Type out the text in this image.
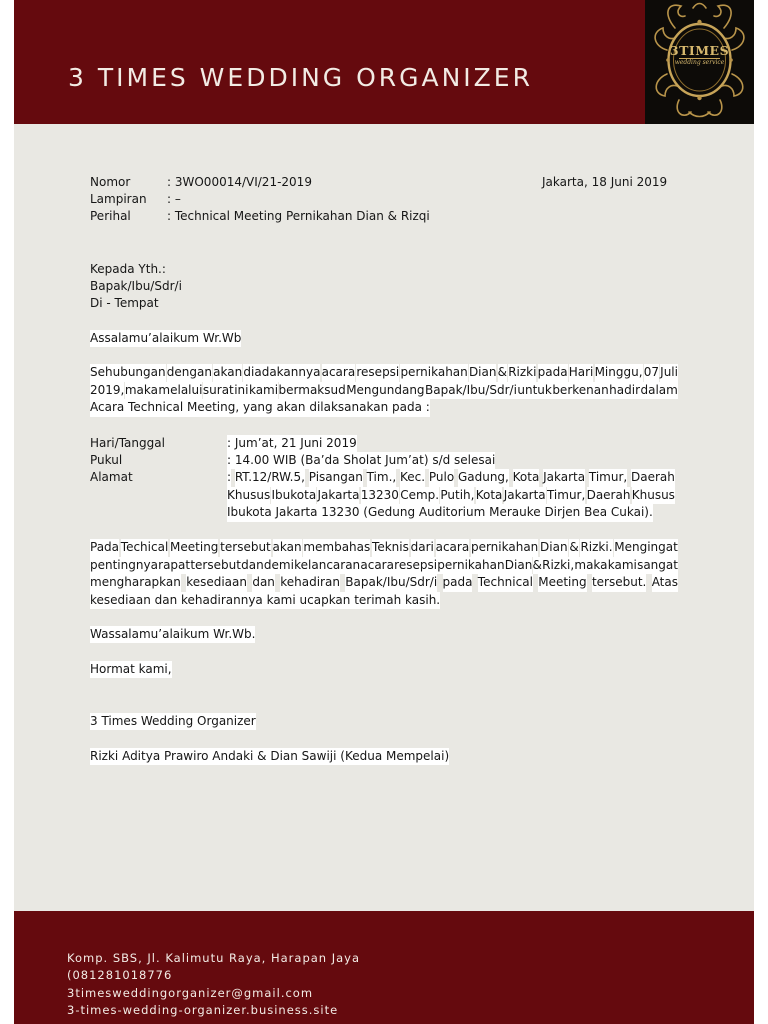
3 TIMES WEDDING ORGANIZER
3TIMES
wedding service
Nomor	: 3WO00014/VI/21-2019
Lampiran : –
Perihal	: Technical Meeting Pernikahan Dian & Rizqi
Jakarta, 18 Juni 2019
Kepada Yth.:
Bapak/Ibu/Sdr/i
Di - Tempat
Assalamu’alaikum Wr.Wb
Sehubungan dengan akan diadakannya acara resepsi pernikahan Dian & Rizki pada Hari Minggu, 07 Juli
2019, maka melalui surat ini kami bermaksud Mengundang Bapak/Ibu/Sdr/i untuk berkenan hadir dalam
Acara Technical Meeting, yang akan dilaksanakan pada :
Hari/Tanggal	: Jum’at, 21 Juni 2019
Pukul	: 14.00 WIB (Ba’da Sholat Jum’at) s/d selesai
Alamat	: RT.12/RW.5, Pisangan Tim., Kec. Pulo Gadung, Kota Jakarta Timur, Daerah
Khusus Ibukota Jakarta 13230 Cemp. Putih, Kota Jakarta Timur, Daerah Khusus
Ibukota Jakarta 13230 (Gedung Auditorium Merauke Dirjen Bea Cukai).
Pada Techical Meeting tersebut akan membahas Teknis dari acara pernikahan Dian & Rizki. Mengingat
pentingnya rapat tersebut dan demi kelancaran acara resepsi pernikahan Dian & Rizki, maka kami sangat
mengharapkan kesediaan dan kehadiran Bapak/Ibu/Sdr/i pada Technical Meeting tersebut. Atas
kesediaan dan kehadirannya kami ucapkan terimah kasih.
Wassalamu’alaikum Wr.Wb.
Hormat kami,
3 Times Wedding Organizer
Rizki Aditya Prawiro Andaki & Dian Sawiji (Kedua Mempelai)
Komp. SBS, Jl. Kalimutu Raya, Harapan Jaya
(081281018776
3timesweddingorganizer@gmail.com
3-times-wedding-organizer.business.site
